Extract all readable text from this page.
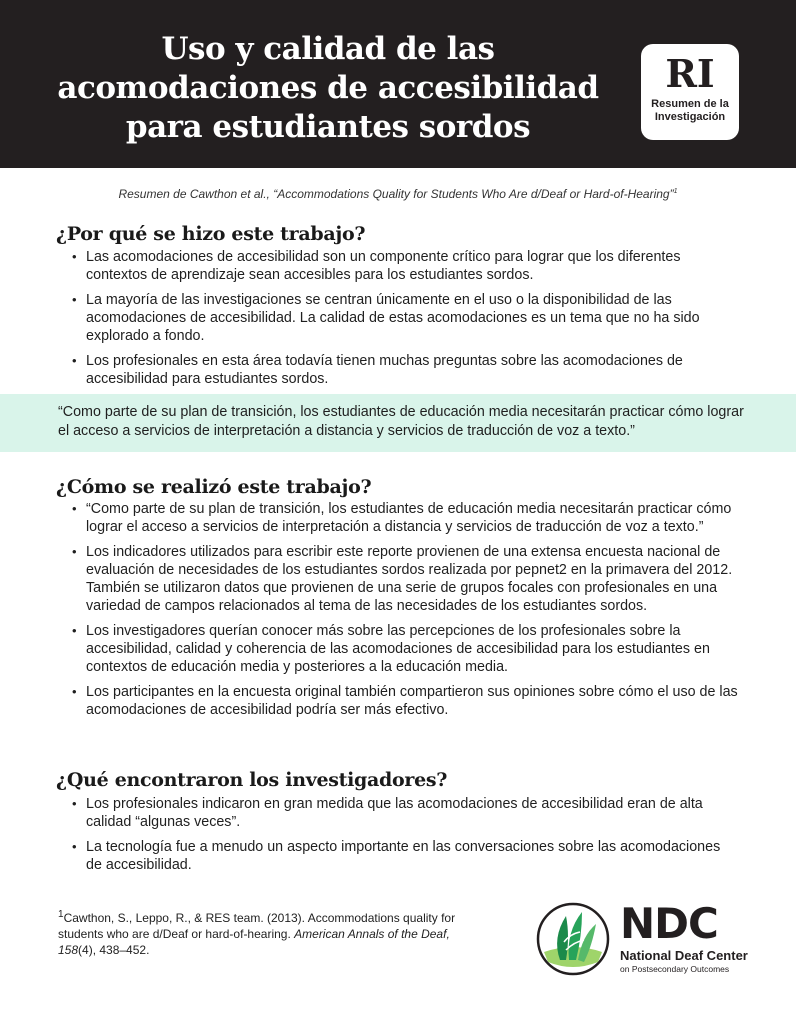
Uso y calidad de las
acomodaciones de accesibilidad
para estudiantes sordos
RI
Resumen de la
Investigación
Resumen de Cawthon et al., “Accommodations Quality for Students Who Are d/Deaf or Hard-of-Hearing”$^1$
¿Por qué se hizo este trabajo?
• Las acomodaciones de accesibilidad son un componente crítico para lograr que los diferentes contextos de aprendizaje sean accesibles para los estudiantes sordos.
• La mayoría de las investigaciones se centran únicamente en el uso o la disponibilidad de las acomodaciones de accesibilidad. La calidad de estas acomodaciones es un tema que no ha sido explorado a fondo.
• Los profesionales en esta área todavía tienen muchas preguntas sobre las acomodaciones de accesibilidad para estudiantes sordos.
“Como parte de su plan de transición, los estudiantes de educación media necesitarán practicar cómo lograr el acceso a servicios de interpretación a distancia y servicios de traducción de voz a texto.”
¿Cómo se realizó este trabajo?
• “Como parte de su plan de transición, los estudiantes de educación media necesitarán practicar cómo lograr el acceso a servicios de interpretación a distancia y servicios de traducción de voz a texto.”
• Los indicadores utilizados para escribir este reporte provienen de una extensa encuesta nacional de evaluación de necesidades de los estudiantes sordos realizada por pepnet2 en la primavera del 2012. También se utilizaron datos que provienen de una serie de grupos focales con profesionales en una variedad de campos relacionados al tema de las necesidades de los estudiantes sordos.
• Los investigadores querían conocer más sobre las percepciones de los profesionales sobre la accesibilidad, calidad y coherencia de las acomodaciones de accesibilidad para los estudiantes en contextos de educación media y posteriores a la educación media.
• Los participantes en la encuesta original también compartieron sus opiniones sobre cómo el uso de las acomodaciones de accesibilidad podría ser más efectivo.
¿Qué encontraron los investigadores?
• Los profesionales indicaron en gran medida que las acomodaciones de accesibilidad eran de alta calidad “algunas veces”.
• La tecnología fue a menudo un aspecto importante en las conversaciones sobre las acomodaciones de accesibilidad.
$^1$Cawthon, S., Leppo, R., & RES team. (2013). Accommodations quality for students who are d/Deaf or hard-of-hearing. American Annals of the Deaf, 158(4), 438–452.
NDC
National Deaf Center
on Postsecondary Outcomes
